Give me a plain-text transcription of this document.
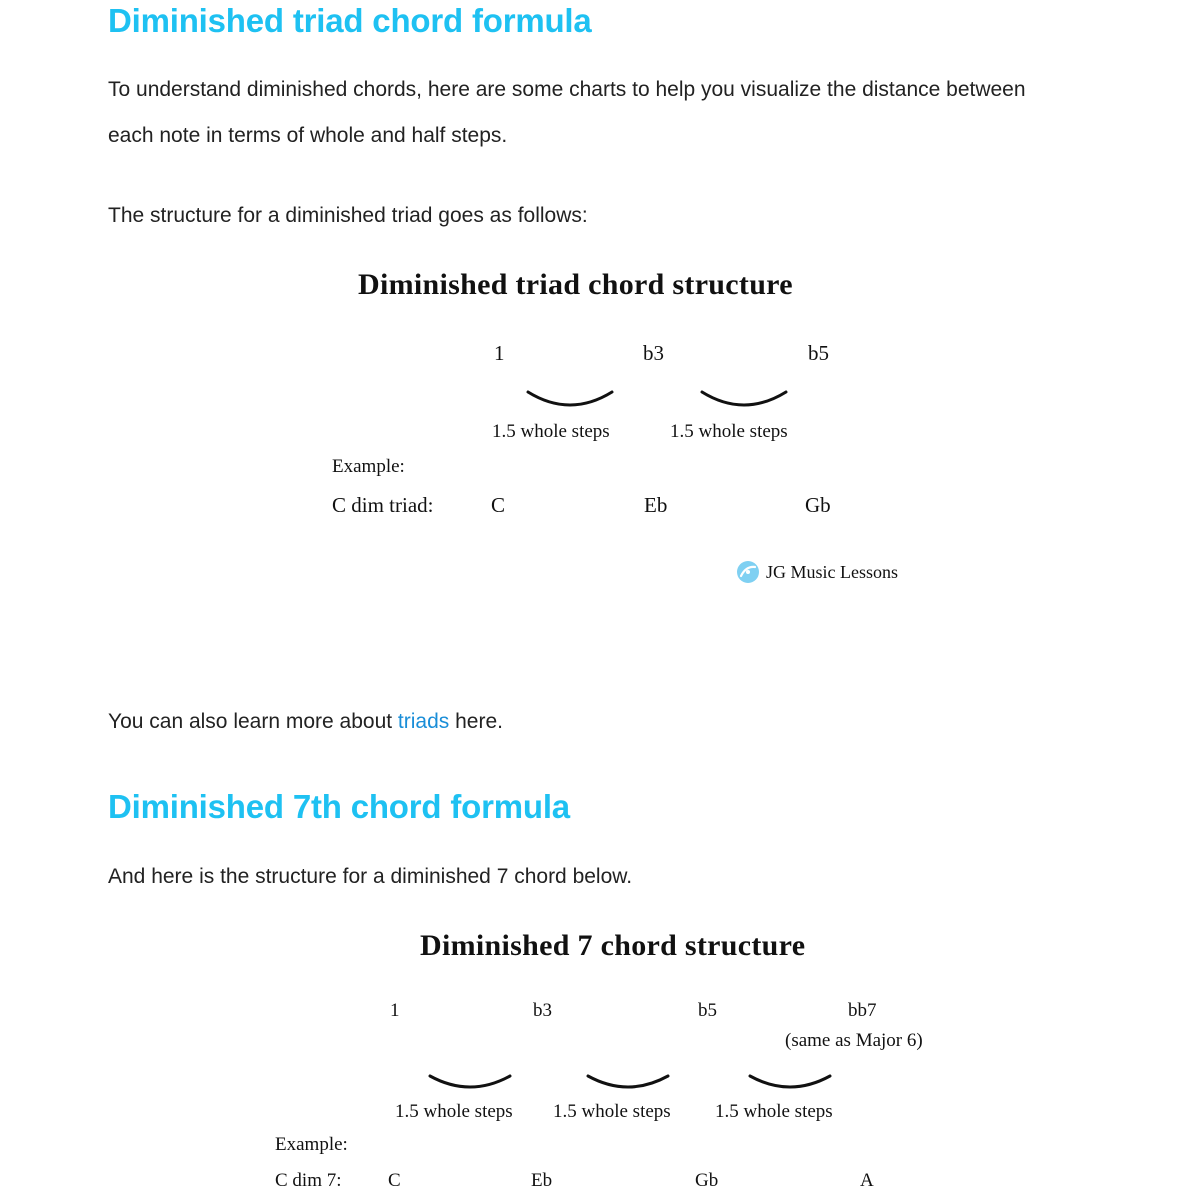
Diminished triad chord formula

To understand diminished chords, here are some charts to help you visualize the distance between
each note in terms of whole and half steps.

The structure for a diminished triad goes as follows:

Diminished triad chord structure
1	b3	b5
1.5 whole steps	1.5 whole steps
Example:
C dim triad:	C	Eb	Gb
JG Music Lessons

You can also learn more about triads here.

Diminished 7th chord formula

And here is the structure for a diminished 7 chord below.

Diminished 7 chord structure
1	b3	b5	bb7
(same as Major 6)
1.5 whole steps 1.5 whole steps 1.5 whole steps
Example:
C dim 7: C	Eb	Gb	A
